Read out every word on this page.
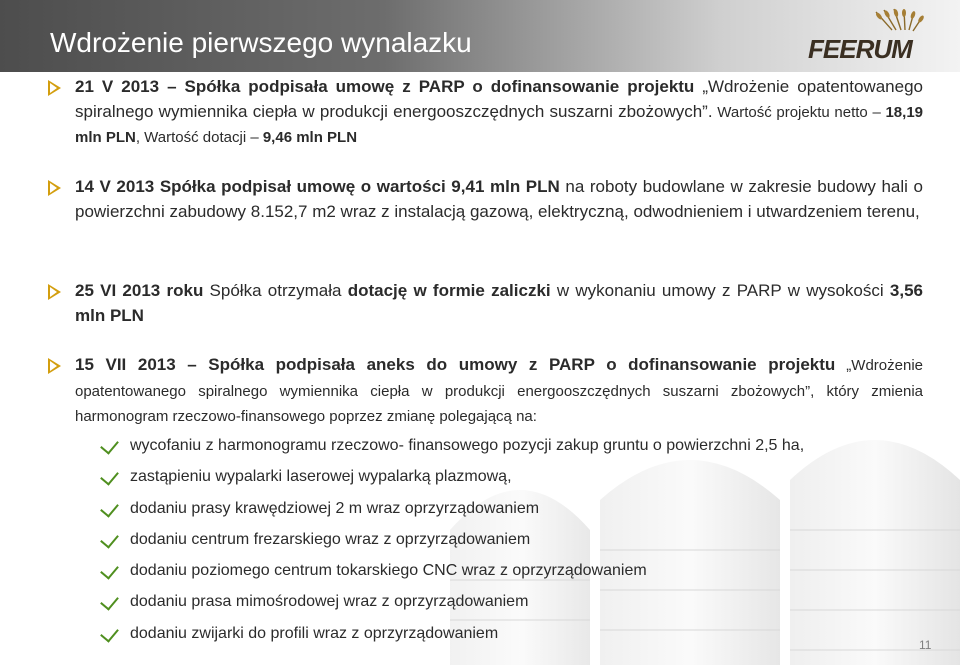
Wdrożenie pierwszego wynalazku	FEERUM
21 V 2013 – Spółka podpisała umowę z PARP o dofinansowanie projektu „Wdrożenie opatentowanego spiralnego wymiennika ciepła w produkcji energooszczędnych suszarni zbożowych”. Wartość projektu netto – 18,19 mln PLN, Wartość dotacji – 9,46 mln PLN
14 V 2013 Spółka podpisał umowę o wartości 9,41 mln PLN na roboty budowlane w zakresie budowy hali o powierzchni zabudowy 8.152,7 m2 wraz z instalacją gazową, elektryczną, odwodnieniem i utwardzeniem terenu,
25 VI 2013 roku Spółka otrzymała dotację w formie zaliczki w wykonaniu umowy z PARP w wysokości 3,56 mln PLN
15 VII 2013 – Spółka podpisała aneks do umowy z PARP o dofinansowanie projektu „Wdrożenie opatentowanego spiralnego wymiennika ciepła w produkcji energooszczędnych suszarni zbożowych”, który zmienia harmonogram rzeczowo-finansowego poprzez zmianę polegającą na:
wycofaniu z harmonogramu rzeczowo- finansowego pozycji zakup gruntu o powierzchni 2,5 ha,
zastąpieniu wypalarki laserowej wypalarką plazmową,
dodaniu prasy krawędziowej 2 m wraz oprzyrządowaniem
dodaniu centrum frezarskiego wraz z oprzyrządowaniem
dodaniu poziomego centrum tokarskiego CNC wraz z oprzyrządowaniem
dodaniu prasa mimośrodowej wraz z oprzyrządowaniem
dodaniu zwijarki do profili wraz z oprzyrządowaniem
11
